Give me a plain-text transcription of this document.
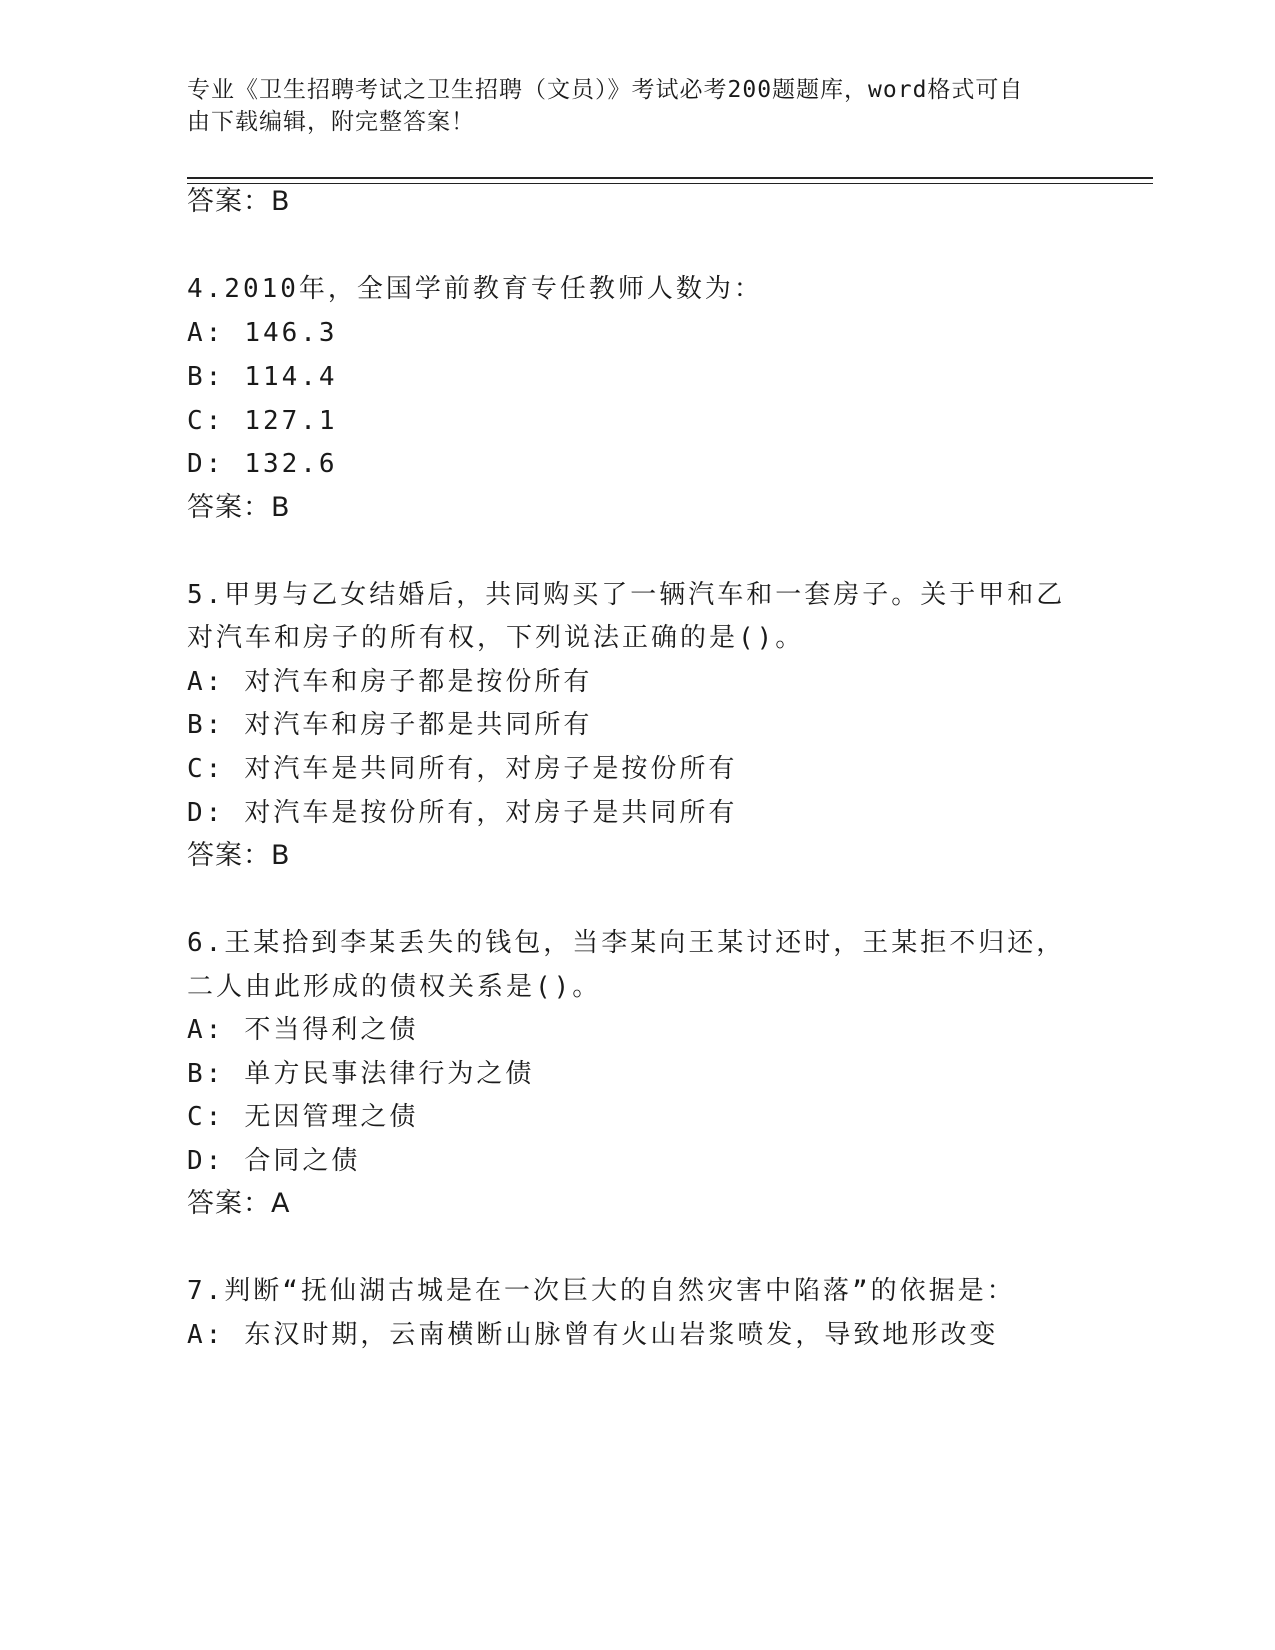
专业《卫生招聘考试之卫生招聘（文员）》考试必考200题题库，word格式可自
由下载编辑，附完整答案！
答案：B
4.2010年，全国学前教育专任教师人数为：
A: 146.3
B: 114.4
C: 127.1
D: 132.6
答案：B
5.甲男与乙女结婚后，共同购买了一辆汽车和一套房子。关于甲和乙
对汽车和房子的所有权，下列说法正确的是()。
A: 对汽车和房子都是按份所有
B: 对汽车和房子都是共同所有
C: 对汽车是共同所有，对房子是按份所有
D: 对汽车是按份所有，对房子是共同所有
答案：B
6.王某拾到李某丢失的钱包，当李某向王某讨还时，王某拒不归还，
二人由此形成的债权关系是()。
A: 不当得利之债
B: 单方民事法律行为之债
C: 无因管理之债
D: 合同之债
答案：A
7.判断“抚仙湖古城是在一次巨大的自然灾害中陷落”的依据是：
A: 东汉时期，云南横断山脉曾有火山岩浆喷发，导致地形改变
